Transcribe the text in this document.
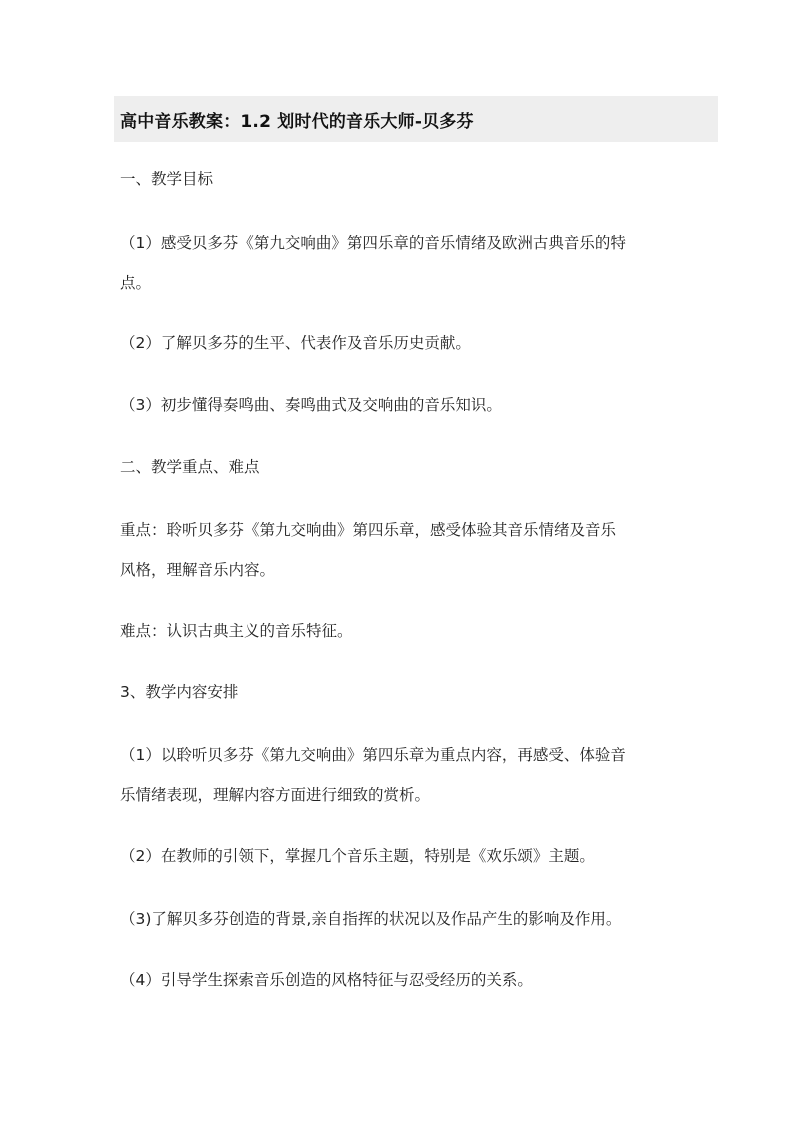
高中音乐教案：1.2 划时代的音乐大师-贝多芬
一、教学目标
（1）感受贝多芬《第九交响曲》第四乐章的音乐情绪及欧洲古典音乐的特
点。
（2）了解贝多芬的生平、代表作及音乐历史贡献。
（3）初步懂得奏鸣曲、奏鸣曲式及交响曲的音乐知识。
二、教学重点、难点
重点：聆听贝多芬《第九交响曲》第四乐章，感受体验其音乐情绪及音乐
风格，理解音乐内容。
难点：认识古典主义的音乐特征。
3、教学内容安排
（1）以聆听贝多芬《第九交响曲》第四乐章为重点内容，再感受、体验音
乐情绪表现，理解内容方面进行细致的赏析。
（2）在教师的引领下，掌握几个音乐主题，特别是《欢乐颂》主题。
（3)了解贝多芬创造的背景,亲自指挥的状况以及作品产生的影响及作用。
（4）引导学生探索音乐创造的风格特征与忍受经历的关系。
